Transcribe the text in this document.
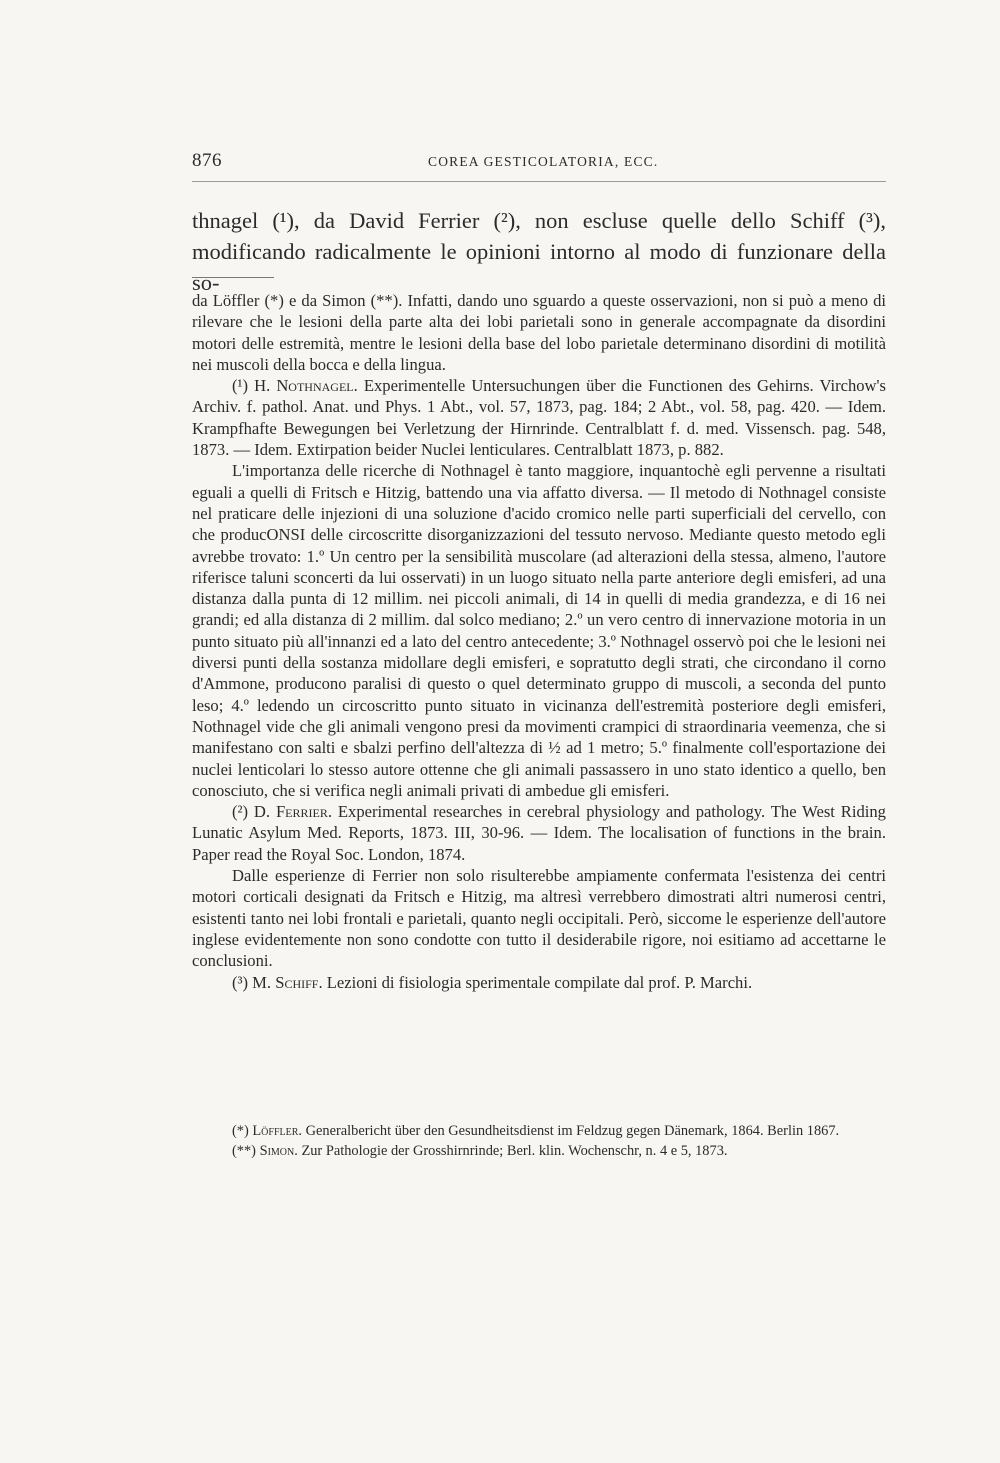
876	COREA GESTICOLATORIA, ECC.

thnagel (¹), da David Ferrier (²), non escluse quelle dello Schiff (³), modificando radicalmente le opinioni intorno al modo di funzionare della so-

da Löffler (*) e da Simon (**). Infatti, dando uno sguardo a queste osservazioni, non si può a meno di rilevare che le lesioni della parte alta dei lobi parietali sono in generale accompagnate da disordini motori delle estremità, mentre le lesioni della base del lobo parietale determinano disordini di motilità nei muscoli della bocca e della lingua.

(¹) H. Nothnagel. Experimentelle Untersuchungen über die Functionen des Gehirns. Virchow's Archiv. f. pathol. Anat. und Phys. 1 Abt., vol. 57, 1873, pag. 184; 2 Abt., vol. 58, pag. 420. — Idem. Krampfhafte Bewegungen bei Verletzung der Hirnrinde. Centralblatt f. d. med. Vissensch. pag. 548, 1873. — Idem. Extirpation beider Nuclei lenticulares. Centralblatt 1873, p. 882.

L'importanza delle ricerche di Nothnagel è tanto maggiore, inquantochè egli pervenne a risultati eguali a quelli di Fritsch e Hitzig, battendo una via affatto diversa. — Il metodo di Nothnagel consiste nel praticare delle injezioni di una soluzione d'acido cromico nelle parti superficiali del cervello, con che producONSI delle circoscritte disorganizzazioni del tessuto nervoso. Mediante questo metodo egli avrebbe trovato: 1.º Un centro per la sensibilità muscolare (ad alterazioni della stessa, almeno, l'autore riferisce taluni sconcerti da lui osservati) in un luogo situato nella parte anteriore degli emisferi, ad una distanza dalla punta di 12 millim. nei piccoli animali, di 14 in quelli di media grandezza, e di 16 nei grandi; ed alla distanza di 2 millim. dal solco mediano; 2.º un vero centro di innervazione motoria in un punto situato più all'innanzi ed a lato del centro antecedente; 3.º Nothnagel osservò poi che le lesioni nei diversi punti della sostanza midollare degli emisferi, e sopratutto degli strati, che circondano il corno d'Ammone, producono paralisi di questo o quel determinato gruppo di muscoli, a seconda del punto leso; 4.º ledendo un circoscritto punto situato in vicinanza dell'estremità posteriore degli emisferi, Nothnagel vide che gli animali vengono presi da movimenti crampici di straordinaria veemenza, che si manifestano con salti e sbalzi perfino dell'altezza di ½ ad 1 metro; 5.º finalmente coll'esportazione dei nuclei lenticolari lo stesso autore ottenne che gli animali passassero in uno stato identico a quello, ben conosciuto, che si verifica negli animali privati di ambedue gli emisferi.

(²) D. Ferrier. Experimental researches in cerebral physiology and pathology. The West Riding Lunatic Asylum Med. Reports, 1873. III, 30-96. — Idem. The localisation of functions in the brain. Paper read the Royal Soc. London, 1874.

Dalle esperienze di Ferrier non solo risulterebbe ampiamente confermata l'esistenza dei centri motori corticali designati da Fritsch e Hitzig, ma altresì verrebbero dimostrati altri numerosi centri, esistenti tanto nei lobi frontali e parietali, quanto negli occipitali. Però, siccome le esperienze dell'autore inglese evidentemente non sono condotte con tutto il desiderabile rigore, noi esitiamo ad accettarne le conclusioni.

(³) M. Schiff. Lezioni di fisiologia sperimentale compilate dal prof. P. Marchi.

(*) Löffler. Generalbericht über den Gesundheitsdienst im Feldzug gegen Dänemark, 1864. Berlin 1867.

(**) Simon. Zur Pathologie der Grosshirnrinde; Berl. klin. Wochenschr, n. 4 e 5, 1873.
